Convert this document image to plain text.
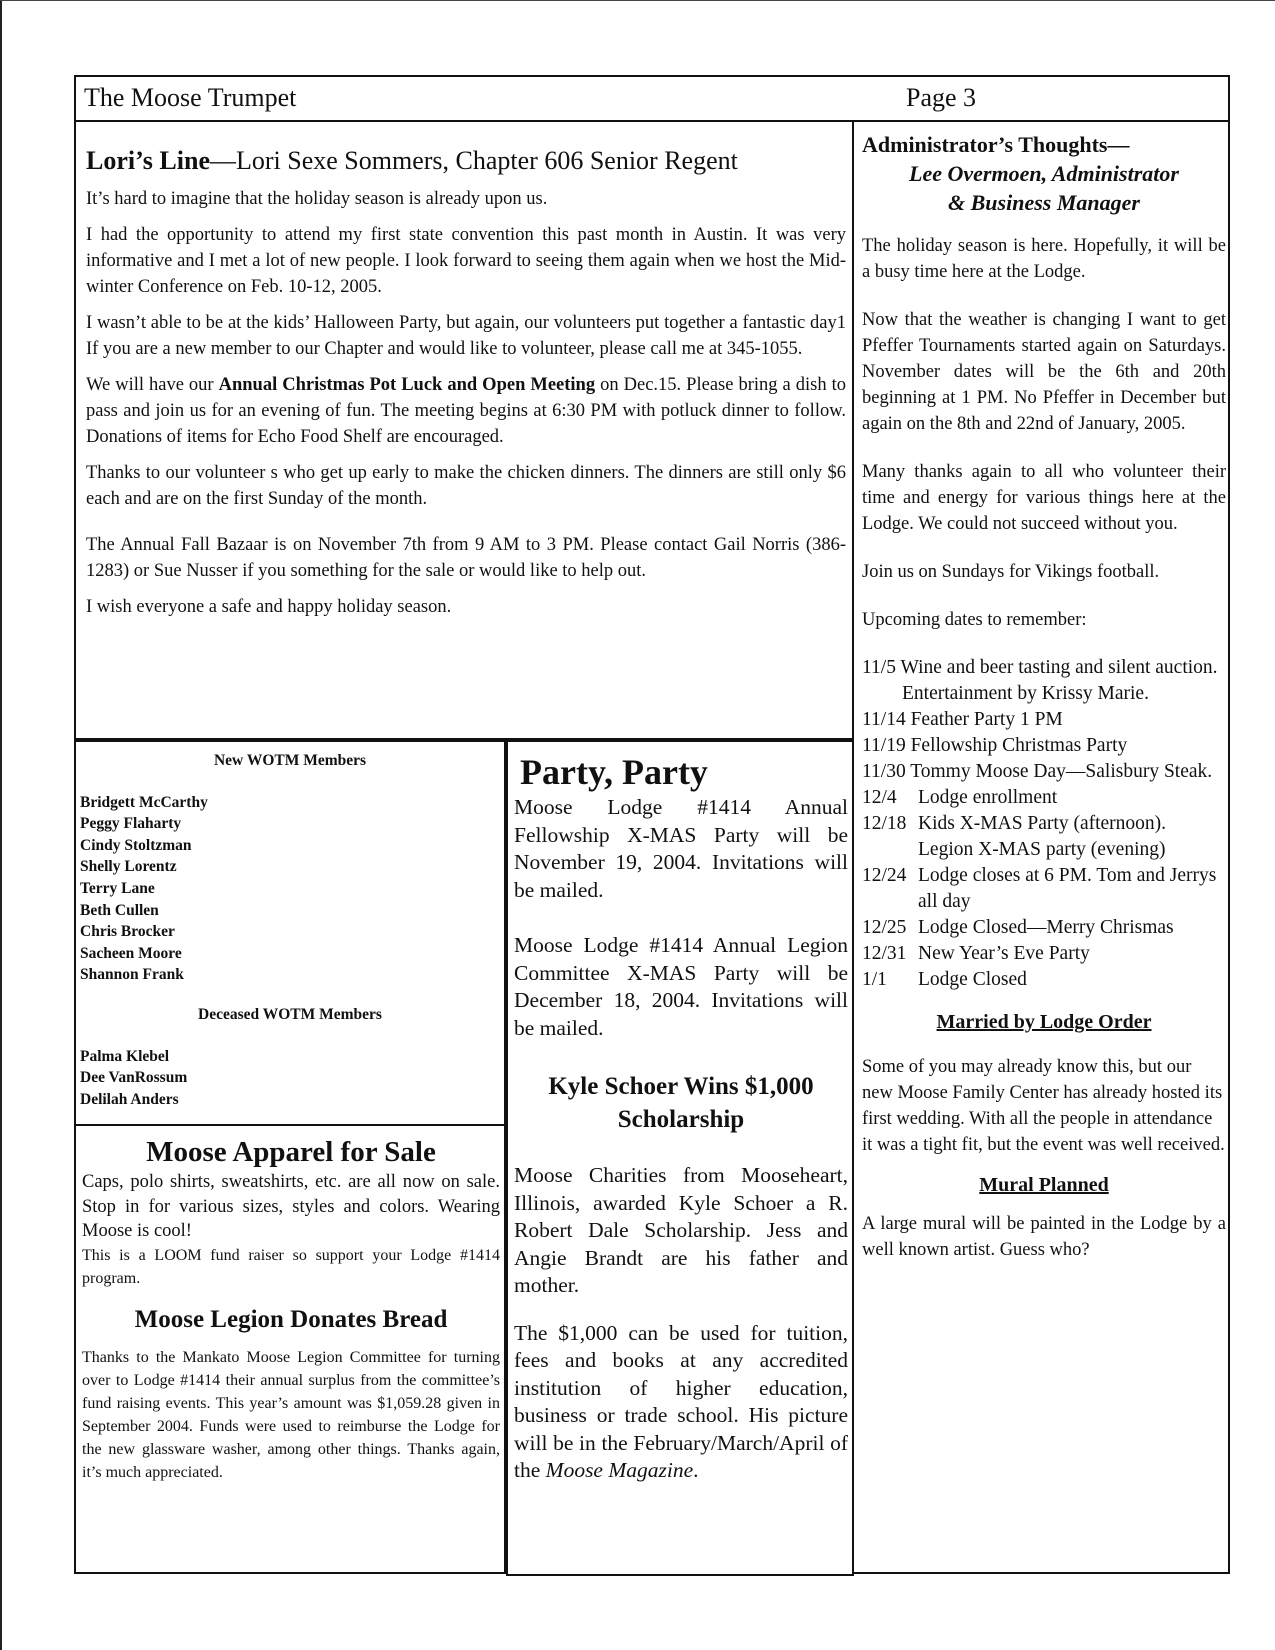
The Moose Trumpet	Page 3
Lori’s Line—Lori Sexe Sommers, Chapter 606 Senior Regent

It’s hard to imagine that the holiday season is already upon us.

I had the opportunity to attend my first state convention this past month in Austin. It was very informative and I met a lot of new people. I look forward to seeing them again when we host the Mid-winter Conference on Feb. 10-12, 2005.

I wasn’t able to be at the kids’ Halloween Party, but again, our volunteers put together a fantastic day1 If you are a new member to our Chapter and would like to volunteer, please call me at 345-1055.

We will have our Annual Christmas Pot Luck and Open Meeting on Dec.15. Please bring a dish to pass and join us for an evening of fun. The meeting begins at 6:30 PM with potluck dinner to follow. Donations of items for Echo Food Shelf are encouraged.

Thanks to our volunteer s who get up early to make the chicken dinners. The dinners are still only $6 each and are on the first Sunday of the month.

The Annual Fall Bazaar is on November 7th from 9 AM to 3 PM. Please contact Gail Norris (386-1283) or Sue Nusser if you something for the sale or would like to help out.

I wish everyone a safe and happy holiday season.

Administrator’s Thoughts—
Lee Overmoen, Administrator
& Business Manager

The holiday season is here. Hopefully, it will be a busy time here at the Lodge.

Now that the weather is changing I want to get Pfeffer Tournaments started again on Saturdays. November dates will be the 6th and 20th beginning at 1 PM. No Pfeffer in December but again on the 8th and 22nd of January, 2005.

Many thanks again to all who volunteer their time and energy for various things here at the Lodge. We could not succeed without you.

Join us on Sundays for Vikings football.

Upcoming dates to remember:

11/5 Wine and beer tasting and silent auction. Entertainment by Krissy Marie.
11/14 Feather Party 1 PM
11/19 Fellowship Christmas Party
11/30 Tommy Moose Day—Salisbury Steak.
12/4	Lodge enrollment
12/18 Kids X-MAS Party (afternoon). Legion X-MAS party (evening)
12/24 Lodge closes at 6 PM. Tom and Jerrys all day
12/25 Lodge Closed—Merry Chrismas
12/31 New Year’s Eve Party
1/1	Lodge Closed
Married by Lodge Order

Some of you may already know this, but our new Moose Family Center has already hosted its first wedding. With all the people in attendance it was a tight fit, but the event was well received.

Mural Planned

A large mural will be painted in the Lodge by a well known artist. Guess who?

New WOTM Members
Bridgett McCarthy
Peggy Flaharty
Cindy Stoltzman
Shelly Lorentz
Terry Lane
Beth Cullen
Chris Brocker
Sacheen Moore
Shannon Frank
Deceased WOTM Members
Palma Klebel
Dee VanRossum
Delilah Anders
Moose Apparel for Sale

Caps, polo shirts, sweatshirts, etc. are all now on sale. Stop in for various sizes, styles and colors. Wearing Moose is cool!

This is a LOOM fund raiser so support your Lodge #1414 program.

Moose Legion Donates Bread

Thanks to the Mankato Moose Legion Committee for turning over to Lodge #1414 their annual surplus from the committee’s fund raising events. This year’s amount was $1,059.28 given in September 2004. Funds were used to reimburse the Lodge for the new glassware washer, among other things. Thanks again, it’s much appreciated.

Party, Party

Moose Lodge #1414 Annual Fellowship X-MAS Party will be November 19, 2004. Invitations will be mailed.

Moose Lodge #1414 Annual Legion Committee X-MAS Party will be December 18, 2004. Invitations will be mailed.

Kyle Schoer Wins $1,000 Scholarship

Moose Charities from Mooseheart, Illinois, awarded Kyle Schoer a R. Robert Dale Scholarship. Jess and Angie Brandt are his father and mother.

The $1,000 can be used for tuition, fees and books at any accredited institution of higher education, business or trade school. His picture will be in the February/March/April of the Moose Magazine.
